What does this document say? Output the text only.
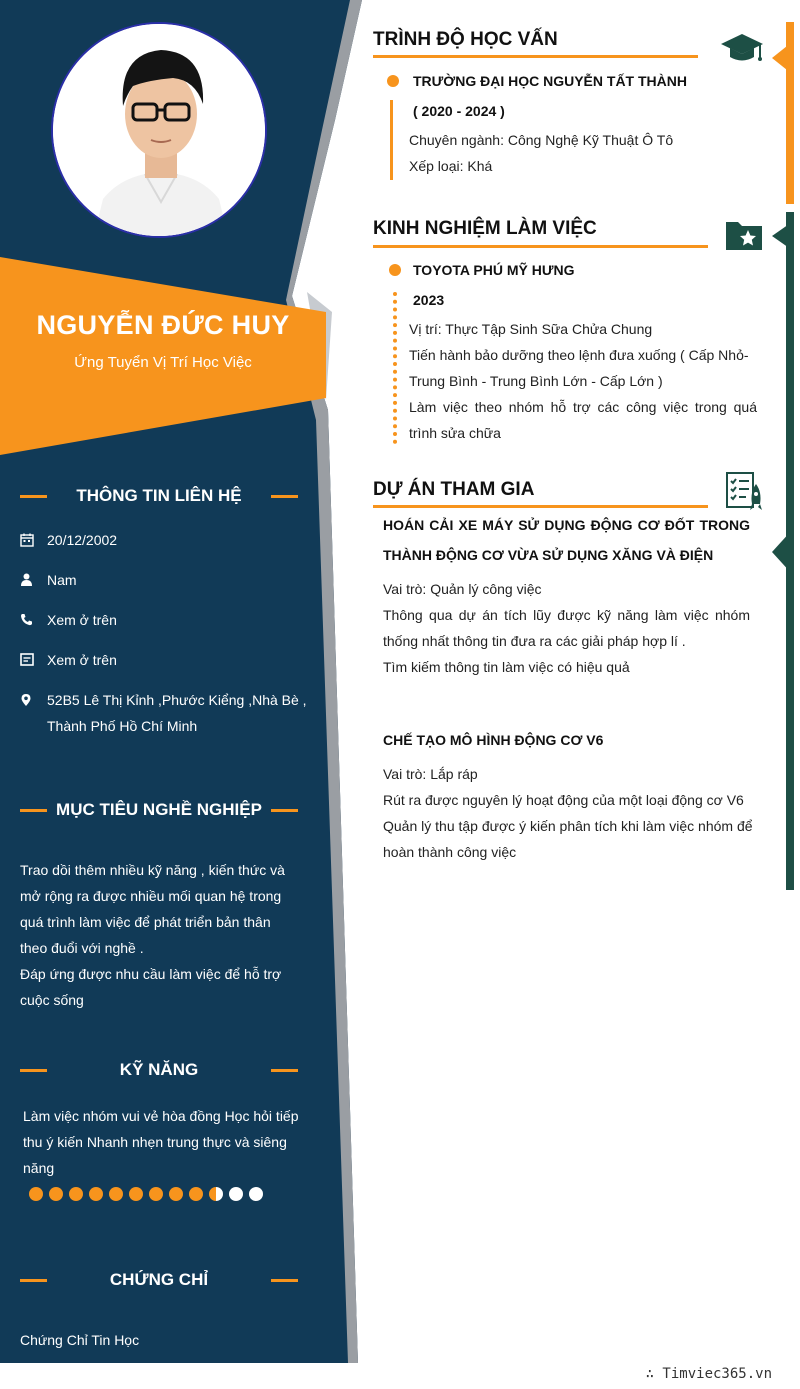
NGUYỄN ĐỨC HUY
Ứng Tuyển Vị Trí Học Việc
THÔNG TIN LIÊN HỆ
20/12/2002
Nam
Xem ở trên
Xem ở trên
52B5 Lê Thị Kỉnh ,Phước Kiểng ,Nhà Bè ,
Thành Phố Hồ Chí Minh
MỤC TIÊU NGHỀ NGHIỆP
Trao dồi thêm nhiều kỹ năng , kiến thức và
mở rộng ra được nhiều mối quan hệ trong
quá trình làm việc để phát triển bản thân
theo đuổi với nghề .
Đáp ứng được nhu cầu làm việc để hỗ trợ
cuộc sống
KỸ NĂNG
Làm việc nhóm vui vẻ hòa đồng Học hỏi tiếp
thu ý kiến Nhanh nhẹn trung thực và siêng
năng
CHỨNG CHỈ
Chứng Chỉ Tin Học
TRÌNH ĐỘ HỌC VẤN
TRƯỜNG ĐẠI HỌC NGUYỄN TẤT THÀNH
( 2020 - 2024 )
Chuyên ngành: Công Nghệ Kỹ Thuật Ô Tô
Xếp loại: Khá
KINH NGHIỆM LÀM VIỆC
TOYOTA PHÚ MỸ HƯNG
2023
Vị trí: Thực Tập Sinh Sữa Chửa Chung
Tiến hành bảo dưỡng theo lệnh đưa xuống ( Cấp Nhỏ-
Trung Bình - Trung Bình Lớn - Cấp Lớn )
Làm việc theo nhóm hỗ trợ các công việc trong quá
trình sửa chữa
DỰ ÁN THAM GIA
HOÁN CẢI XE MÁY SỬ DỤNG ĐỘNG CƠ ĐỐT TRONG
THÀNH ĐỘNG CƠ VỪA SỬ DỤNG XĂNG VÀ ĐIỆN
Vai trò: Quản lý công việc
Thông qua dự án tích lũy được kỹ năng làm việc nhóm
thống nhất thông tin đưa ra các giải pháp hợp lí .
Tìm kiếm thông tin làm việc có hiệu quả
CHẾ TẠO MÔ HÌNH ĐỘNG CƠ V6
Vai trò: Lắp ráp
Rút ra được nguyên lý hoạt động của một loại động cơ V6
Quản lý thu tập được ý kiến phân tích khi làm việc nhóm để
hoàn thành công việc
∴ Timviec365.vn
